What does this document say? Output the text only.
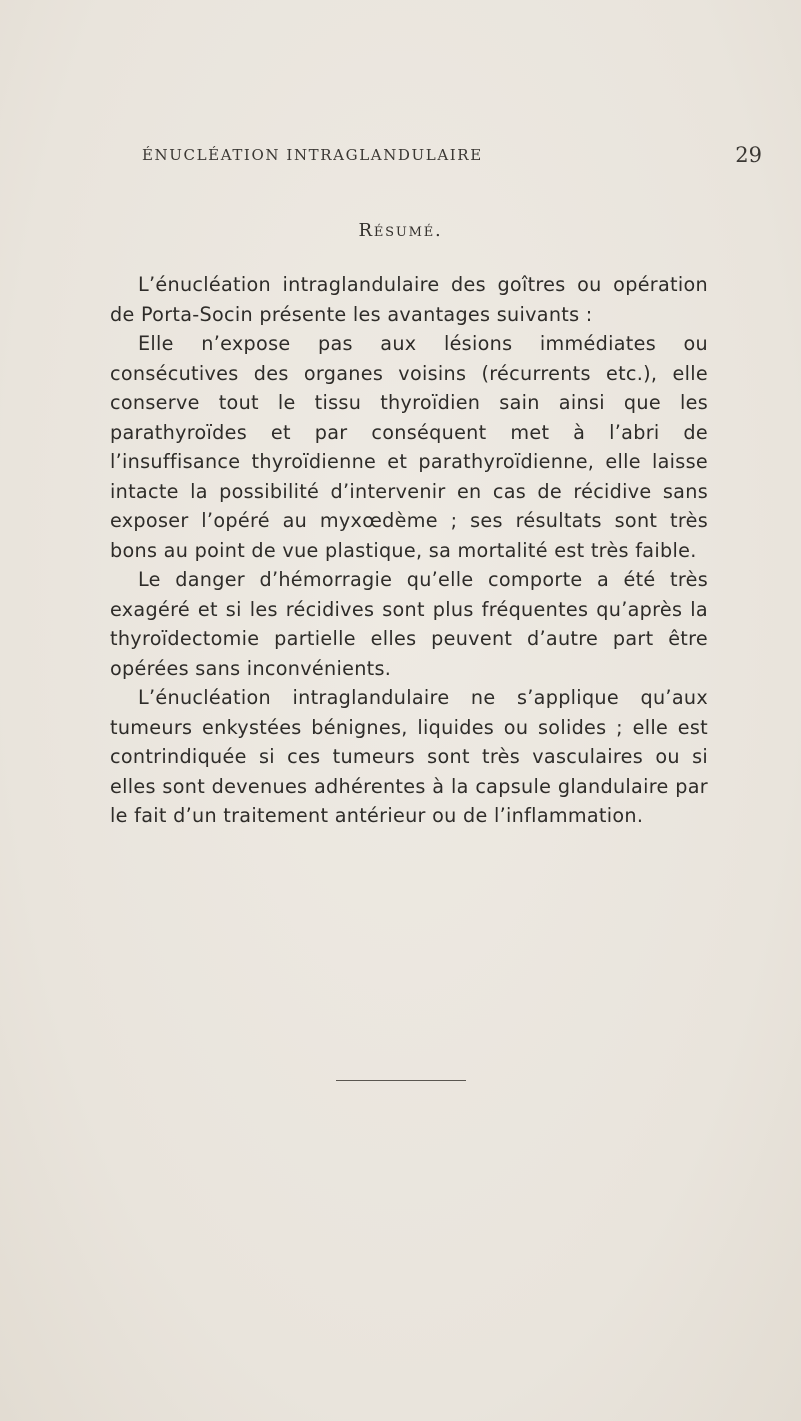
ÉNUCLÉATION INTRAGLANDULAIRE	29
Résumé.

L’énucléation intraglandulaire des goîtres ou opération de Porta-Socin présente les avantages suivants :

Elle n’expose pas aux lésions immédiates ou consécutives des organes voisins (récurrents etc.), elle conserve tout le tissu thyroïdien sain ainsi que les parathyroïdes et par conséquent met à l’abri de l’insuffisance thyroïdienne et parathyroïdienne, elle laisse intacte la possibilité d’intervenir en cas de récidive sans exposer l’opéré au myxœdème ; ses résultats sont très bons au point de vue plastique, sa mortalité est très faible.

Le danger d’hémorragie qu’elle comporte a été très exagéré et si les récidives sont plus fréquentes qu’après la thyroïdectomie partielle elles peuvent d’autre part être opérées sans inconvénients.

L’énucléation intraglandulaire ne s’applique qu’aux tumeurs enkystées bénignes, liquides ou solides ; elle est contrindiquée si ces tumeurs sont très vasculaires ou si elles sont devenues adhérentes à la capsule glandulaire par le fait d’un traitement antérieur ou de l’inflammation.
